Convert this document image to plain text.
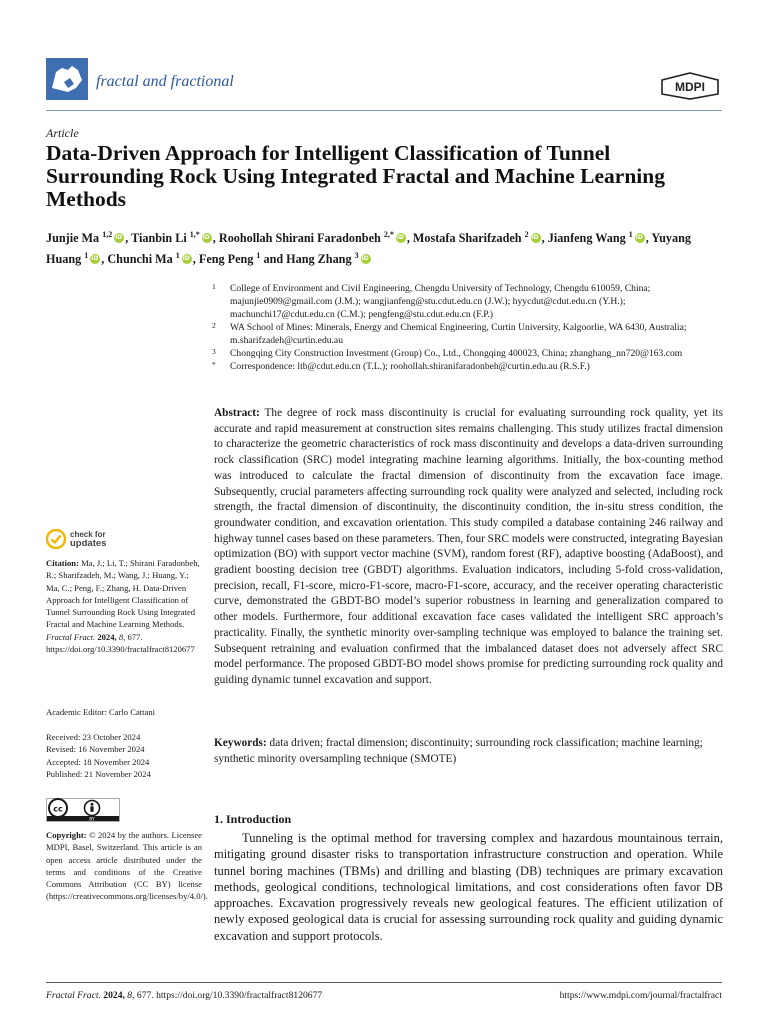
fractal and fractional	MDPI
Article
Data-Driven Approach for Intelligent Classification of Tunnel Surrounding Rock Using Integrated Fractal and Machine Learning Methods
Junjie Ma $^{1,2}$ iD , Tianbin Li $^{1,*}$ iD , Roohollah Shirani Faradonbeh $^{2,*}$ iD , Mostafa Sharifzadeh $^2$ iD , Jianfeng Wang $^1$ iD , Yuyang Huang $^1$ iD , Chunchi Ma $^1$ iD , Feng Peng $^1$ and Hang Zhang $^3$iD
1 College of Environment and Civil Engineering, Chengdu University of Technology, Chengdu 610059, China; majunjie0909@gmail.com (J.M.); wangjianfeng@stu.cdut.edu.cn (J.W.); hyycdut@cdut.edu.cn (Y.H.); machunchi17@cdut.edu.cn (C.M.); pengfeng@stu.cdut.edu.cn (F.P.)
2 WA School of Mines: Minerals, Energy and Chemical Engineering, Curtin University, Kalgoorlie, WA 6430, Australia; m.sharifzadeh@curtin.edu.au
3 Chongqing City Construction Investment (Group) Co., Ltd., Chongqing 400023, China; zhanghang_nn720@163.com
* Correspondence: ltb@cdut.edu.cn (T.L.); roohollah.shiranifaradonbeh@curtin.edu.au (R.S.F.)
Abstract: The degree of rock mass discontinuity is crucial for evaluating surrounding rock quality, yet its accurate and rapid measurement at construction sites remains challenging. This study utilizes fractal dimension to characterize the geometric characteristics of rock mass discontinuity and develops a data-driven surrounding rock classification (SRC) model integrating machine learning algorithms. Initially, the box-counting method was introduced to calculate the fractal dimension of discontinuity from the excavation face image. Subsequently, crucial parameters affecting surrounding rock quality were analyzed and selected, including rock strength, the fractal dimension of discontinuity, the discontinuity condition, the in-situ stress condition, the groundwater condition, and excavation orientation. This study compiled a database containing 246 railway and highway tunnel cases based on these parameters. Then, four SRC models were constructed, integrating Bayesian optimization (BO) with support vector machine (SVM), random forest (RF), adaptive boosting (AdaBoost), and gradient boosting decision tree (GBDT) algorithms. Evaluation indicators, including 5-fold cross-validation, precision, recall, F1-score, micro-F1-score, macro-F1-score, accuracy, and the receiver operating characteristic curve, demonstrated the GBDT-BO model’s superior robustness in learning and generalization compared to other models. Furthermore, four additional excavation face cases validated the intelligent SRC approach’s practicality. Finally, the synthetic minority over-sampling technique was employed to balance the training set. Subsequent retraining and evaluation confirmed that the imbalanced dataset does not adversely affect SRC model performance. The proposed GBDT-BO model shows promise for predicting surrounding rock quality and guiding dynamic tunnel excavation and support.
Keywords: data driven; fractal dimension; discontinuity; surrounding rock classification; machine learning; synthetic minority oversampling technique (SMOTE)
check for
updates
Citation: Ma, J.; Li, T.; Shirani Faradonbeh, R.; Sharifzadeh, M.; Wang, J.; Huang, Y.; Ma, C.; Peng, F.; Zhang, H. Data-Driven Approach for Intelligent Classification of Tunnel Surrounding Rock Using Integrated Fractal and Machine Learning Methods. Fractal Fract. 2024, 8, 677. https://doi.org/10.3390/fractalfract8120677
Academic Editor: Carlo Cattani
Received: 23 October 2024
Revised: 16 November 2024
Accepted: 18 November 2024
Published: 21 November 2024
cc
BY
Copyright: © 2024 by the authors. Licensee MDPI, Basel, Switzerland. This article is an open access article distributed under the terms and conditions of the Creative Commons Attribution (CC BY) license (https://creativecommons.org/licenses/by/4.0/).
1. Introduction
Tunneling is the optimal method for traversing complex and hazardous mountainous terrain, mitigating ground disaster risks to transportation infrastructure construction and operation. While tunnel boring machines (TBMs) and drilling and blasting (DB) techniques are primary excavation methods, geological conditions, technological limitations, and cost considerations often favor DB approaches. Excavation progressively reveals new geological features. The efficient utilization of newly exposed geological data is crucial for assessing surrounding rock quality and guiding dynamic excavation and support protocols.
Fractal Fract. 2024, 8, 677. https://doi.org/10.3390/fractalfract8120677	https://www.mdpi.com/journal/fractalfract
